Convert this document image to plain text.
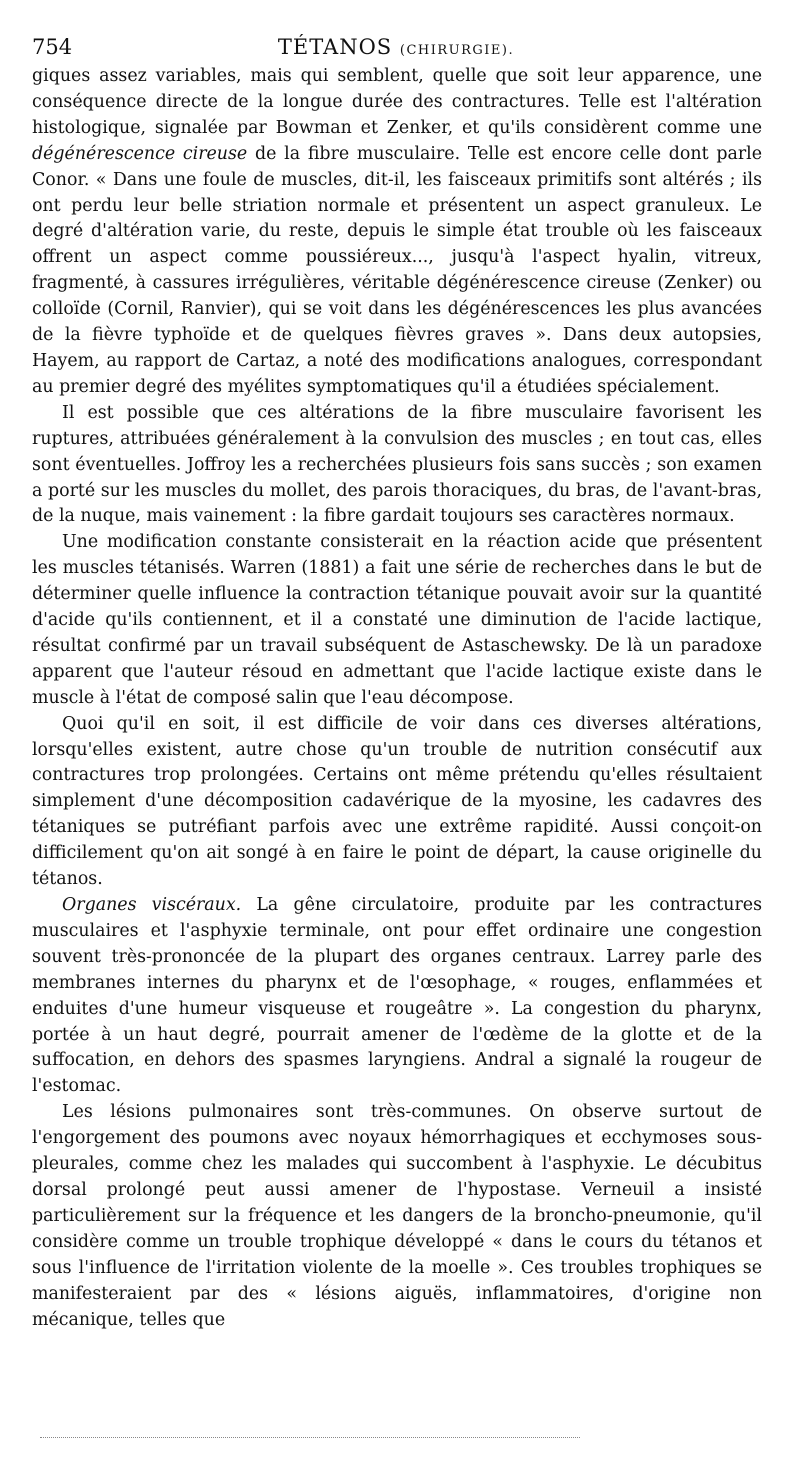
754	TÉTANOS (CHIRURGIE).

giques assez variables, mais qui semblent, quelle que soit leur apparence, une conséquence directe de la longue durée des contractures. Telle est l'altération histologique, signalée par Bowman et Zenker, et qu'ils considèrent comme une dégénérescence cireuse de la fibre musculaire. Telle est encore celle dont parle Conor. « Dans une foule de muscles, dit-il, les faisceaux primitifs sont altérés ; ils ont perdu leur belle striation normale et présentent un aspect granuleux. Le degré d'altération varie, du reste, depuis le simple état trouble où les faisceaux offrent un aspect comme poussiéreux..., jusqu'à l'aspect hyalin, vitreux, fragmenté, à cassures irrégulières, véritable dégénérescence cireuse (Zenker) ou colloïde (Cornil, Ranvier), qui se voit dans les dégénérescences les plus avancées de la fièvre typhoïde et de quelques fièvres graves ». Dans deux autopsies, Hayem, au rapport de Cartaz, a noté des modifications analogues, correspondant au premier degré des myélites symptomatiques qu'il a étudiées spécialement.

Il est possible que ces altérations de la fibre musculaire favorisent les ruptures, attribuées généralement à la convulsion des muscles ; en tout cas, elles sont éventuelles. Joffroy les a recherchées plusieurs fois sans succès ; son examen a porté sur les muscles du mollet, des parois thoraciques, du bras, de l'avant-bras, de la nuque, mais vainement : la fibre gardait toujours ses caractères normaux.

Une modification constante consisterait en la réaction acide que présentent les muscles tétanisés. Warren (1881) a fait une série de recherches dans le but de déterminer quelle influence la contraction tétanique pouvait avoir sur la quantité d'acide qu'ils contiennent, et il a constaté une diminution de l'acide lactique, résultat confirmé par un travail subséquent de Astaschewsky. De là un paradoxe apparent que l'auteur résoud en admettant que l'acide lactique existe dans le muscle à l'état de composé salin que l'eau décompose.

Quoi qu'il en soit, il est difficile de voir dans ces diverses altérations, lorsqu'elles existent, autre chose qu'un trouble de nutrition consécutif aux contractures trop prolongées. Certains ont même prétendu qu'elles résultaient simplement d'une décomposition cadavérique de la myosine, les cadavres des tétaniques se putréfiant parfois avec une extrême rapidité. Aussi conçoit-on difficilement qu'on ait songé à en faire le point de départ, la cause originelle du tétanos.

Organes viscéraux. La gêne circulatoire, produite par les contractures musculaires et l'asphyxie terminale, ont pour effet ordinaire une congestion souvent très-prononcée de la plupart des organes centraux. Larrey parle des membranes internes du pharynx et de l'œsophage, « rouges, enflammées et enduites d'une humeur visqueuse et rougeâtre ». La congestion du pharynx, portée à un haut degré, pourrait amener de l'œdème de la glotte et de la suffocation, en dehors des spasmes laryngiens. Andral a signalé la rougeur de l'estomac.

Les lésions pulmonaires sont très-communes. On observe surtout de l'engorgement des poumons avec noyaux hémorrhagiques et ecchymoses sous-pleurales, comme chez les malades qui succombent à l'asphyxie. Le décubitus dorsal prolongé peut aussi amener de l'hypostase. Verneuil a insisté particulièrement sur la fréquence et les dangers de la broncho-pneumonie, qu'il considère comme un trouble trophique développé « dans le cours du tétanos et sous l'influence de l'irritation violente de la moelle ». Ces troubles trophiques se manifesteraient par des « lésions aiguës, inflammatoires, d'origine non mécanique, telles que
